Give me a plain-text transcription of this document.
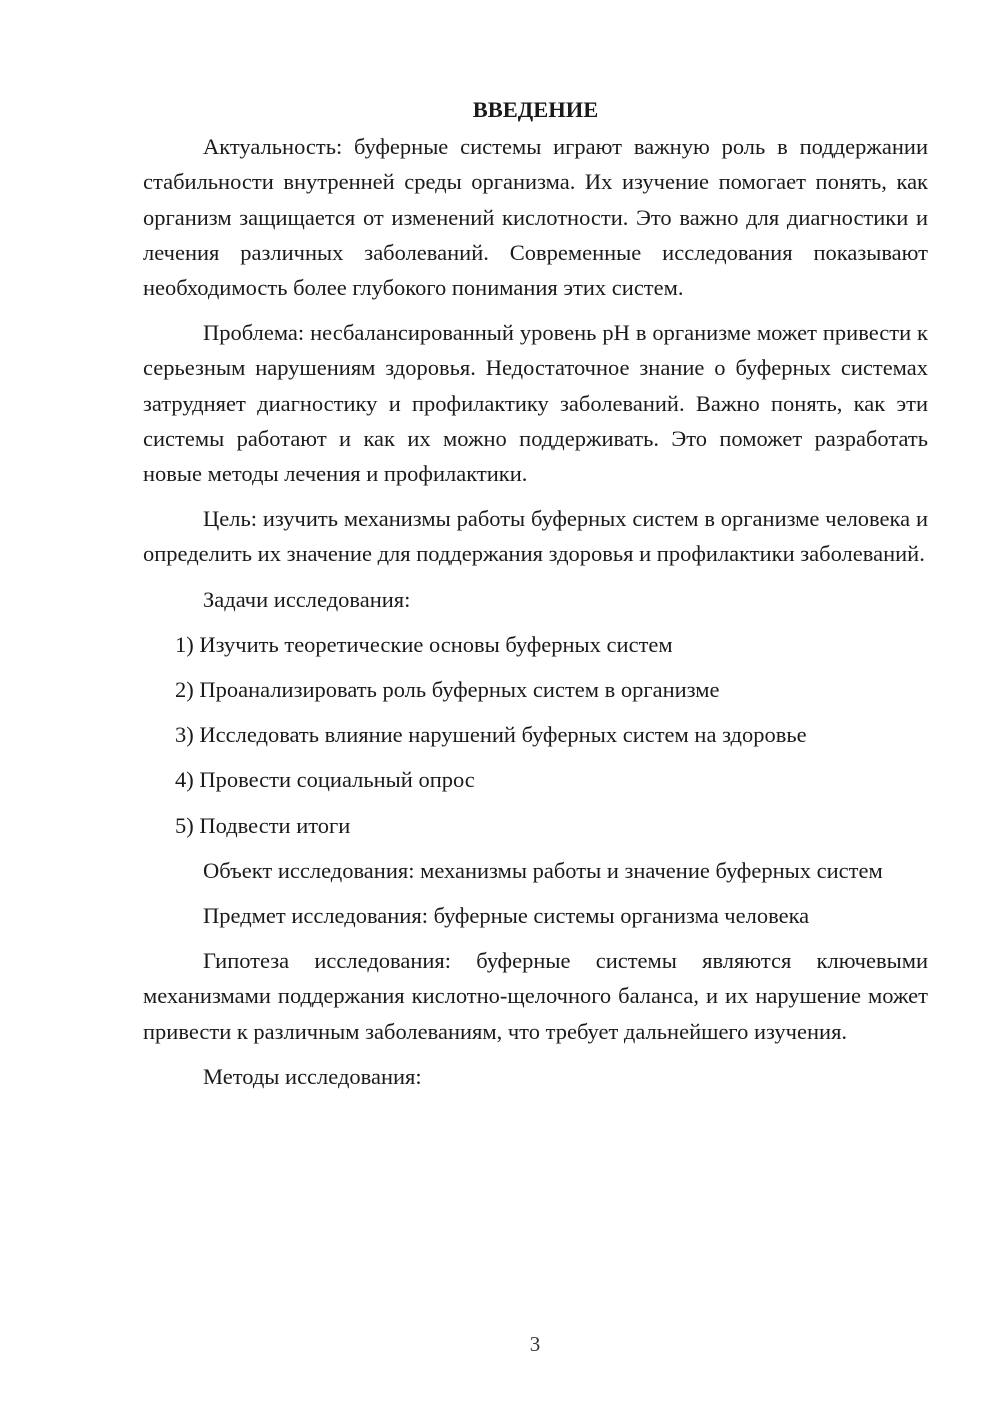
ВВЕДЕНИЕ

Актуальность: буферные системы играют важную роль в поддержании стабильности внутренней среды организма. Их изучение помогает понять, как организм защищается от изменений кислотности. Это важно для диагностики и лечения различных заболеваний. Современные исследования показывают необходимость более глубокого понимания этих систем.

Проблема: несбалансированный уровень pH в организме может привести к серьезным нарушениям здоровья. Недостаточное знание о буферных системах затрудняет диагностику и профилактику заболеваний. Важно понять, как эти системы работают и как их можно поддерживать. Это поможет разработать новые методы лечения и профилактики.

Цель: изучить механизмы работы буферных систем в организме человека и определить их значение для поддержания здоровья и профилактики заболеваний.

Задачи исследования:

1) Изучить теоретические основы буферных систем
2) Проанализировать роль буферных систем в организме
3) Исследовать влияние нарушений буферных систем на здоровье
4) Провести социальный опрос
5) Подвести итоги

Объект исследования: механизмы работы и значение буферных систем

Предмет исследования: буферные системы организма человека

Гипотеза исследования: буферные системы являются ключевыми механизмами поддержания кислотно-щелочного баланса, и их нарушение может привести к различным заболеваниям, что требует дальнейшего изучения.

Методы исследования:

3
